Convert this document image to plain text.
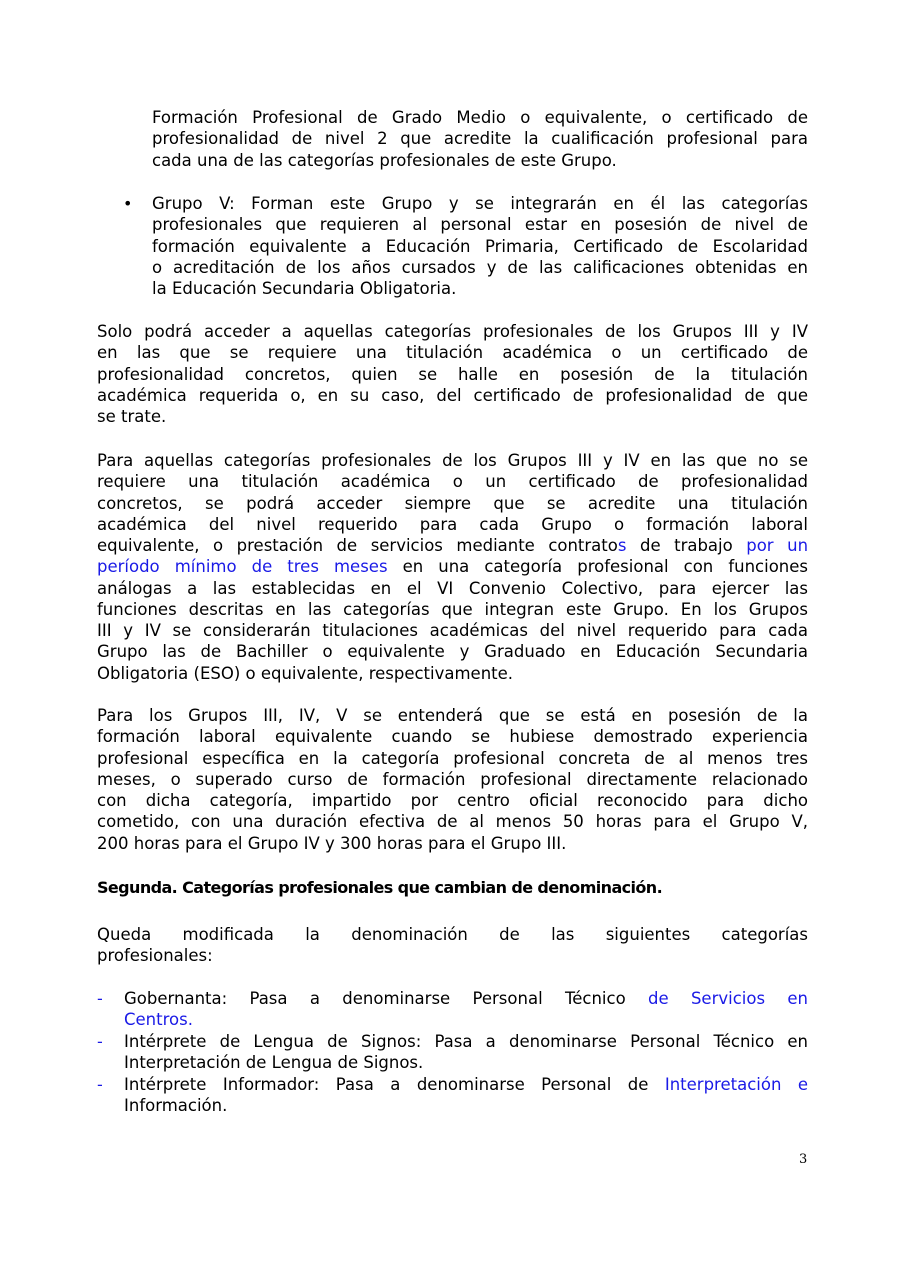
Formación Profesional de Grado Medio o equivalente, o certificado de
profesionalidad de nivel 2 que acredite la cualificación profesional para
cada una de las categorías profesionales de este Grupo.
Grupo V: Forman este Grupo y se integrarán en él las categorías
profesionales que requieren al personal estar en posesión de nivel de
formación equivalente a Educación Primaria, Certificado de Escolaridad
o acreditación de los años cursados y de las calificaciones obtenidas en
la Educación Secundaria Obligatoria.
•
Solo podrá acceder a aquellas categorías profesionales de los Grupos III y IV
en las que se requiere una titulación académica o un certificado de
profesionalidad concretos, quien se halle en posesión de la titulación
académica requerida o, en su caso, del certificado de profesionalidad de que
se trate.
Para aquellas categorías profesionales de los Grupos III y IV en las que no se
requiere una titulación académica o un certificado de profesionalidad
concretos, se podrá acceder siempre que se acredite una titulación
académica del nivel requerido para cada Grupo o formación laboral
equivalente, o prestación de servicios mediante contratos de trabajo por un
período mínimo de tres meses en una categoría profesional con funciones
análogas a las establecidas en el VI Convenio Colectivo, para ejercer las
funciones descritas en las categorías que integran este Grupo. En los Grupos
III y IV se considerarán titulaciones académicas del nivel requerido para cada
Grupo las de Bachiller o equivalente y Graduado en Educación Secundaria
Obligatoria (ESO) o equivalente, respectivamente.
Para los Grupos III, IV, V se entenderá que se está en posesión de la
formación laboral equivalente cuando se hubiese demostrado experiencia
profesional específica en la categoría profesional concreta de al menos tres
meses, o superado curso de formación profesional directamente relacionado
con dicha categoría, impartido por centro oficial reconocido para dicho
cometido, con una duración efectiva de al menos 50 horas para el Grupo V,
200 horas para el Grupo IV y 300 horas para el Grupo III.
Segunda. Categorías profesionales que cambian de denominación.
Queda modificada la denominación de las siguientes categorías
profesionales:
Gobernanta: Pasa a denominarse Personal Técnico de Servicios en
Centros.
-
Intérprete de Lengua de Signos: Pasa a denominarse Personal Técnico en
Interpretación de Lengua de Signos.
-
Intérprete Informador: Pasa a denominarse Personal de Interpretación e
Información.
-
3
